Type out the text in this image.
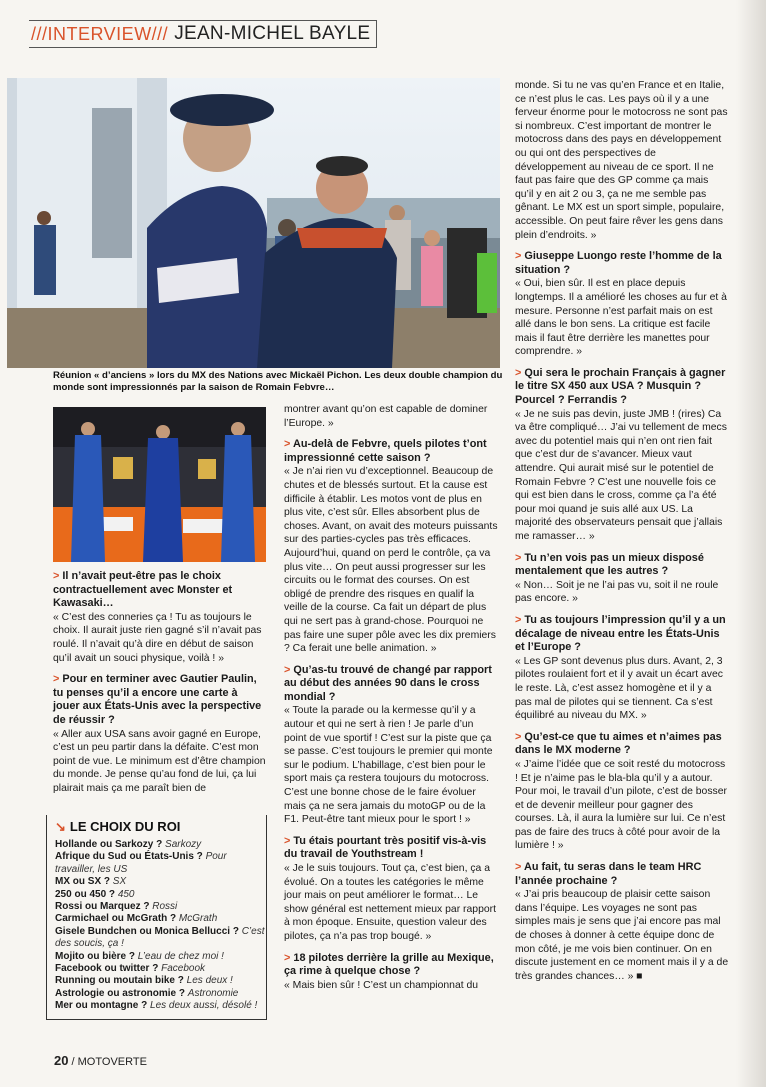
///INTERVIEW/// JEAN-MICHEL BAYLE
Réunion « d’anciens » lors du MX des Nations avec Mickaël Pichon. Les deux double champion du monde sont impressionnés par la saison de Romain Febvre…

> Il n’avait peut-être pas le choix contractuellement avec Monster et Kawasaki…

« C’est des conneries ça ! Tu as toujours le choix. Il aurait juste rien gagné s’il n’avait pas roulé. Il n’avait qu’à dire en début de saison qu’il avait un souci physique, voilà ! »

> Pour en terminer avec Gautier Paulin, tu penses qu’il a encore une carte à jouer aux États-Unis avec la perspective de réussir ?

« Aller aux USA sans avoir gagné en Europe, c’est un peu partir dans la défaite. C’est mon point de vue. Le minimum est d’être champion du monde. Je pense qu’au fond de lui, ça lui plairait mais ça me paraît bien de

↘ LE CHOIX DU ROI
Hollande ou Sarkozy ? Sarkozy
Afrique du Sud ou États-Unis ? Pour travailler, les US
MX ou SX ? SX
250 ou 450 ? 450
Rossi ou Marquez ? Rossi
Carmichael ou McGrath ? McGrath
Gisele Bundchen ou Monica Bellucci ? C’est des soucis, ça !
Mojito ou bière ? L’eau de chez moi !
Facebook ou twitter ? Facebook
Running ou moutain bike ? Les deux !
Astrologie ou astronomie ? Astronomie
Mer ou montagne ? Les deux aussi, désolé !

montrer avant qu’on est capable de dominer l’Europe. »

> Au-delà de Febvre, quels pilotes t’ont impressionné cette saison ?

« Je n’ai rien vu d’exceptionnel. Beaucoup de chutes et de blessés surtout. Et la cause est difficile à établir. Les motos vont de plus en plus vite, c’est sûr. Elles absorbent plus de choses. Avant, on avait des moteurs puissants sur des parties-cycles pas très efficaces. Aujourd’hui, quand on perd le contrôle, ça va plus vite… On peut aussi progresser sur les circuits ou le format des courses. On est obligé de prendre des risques en qualif la veille de la course. Ca fait un départ de plus qui ne sert pas à grand-chose. Pourquoi ne pas faire une super pôle avec les dix premiers ? Ca ferait une belle animation. »

> Qu’as-tu trouvé de changé par rapport au début des années 90 dans le cross mondial ?

« Toute la parade ou la kermesse qu’il y a autour et qui ne sert à rien ! Je parle d’un point de vue sportif ! C’est sur la piste que ça se passe. C’est toujours le premier qui monte sur le podium. L’habillage, c’est bien pour le sport mais ça restera toujours du motocross. C’est une bonne chose de le faire évoluer mais ça ne sera jamais du motoGP ou de la F1. Peut-être tant mieux pour le sport ! »

> Tu étais pourtant très positif vis-à-vis du travail de Youthstream !

« Je le suis toujours. Tout ça, c’est bien, ça a évolué. On a toutes les catégories le même jour mais on peut améliorer le format… Le show général est nettement mieux par rapport à mon époque. Ensuite, question valeur des pilotes, ça n’a pas trop bougé. »

> 18 pilotes derrière la grille au Mexique, ça rime à quelque chose ?

« Mais bien sûr ! C’est un championnat du

monde. Si tu ne vas qu’en France et en Italie, ce n’est plus le cas. Les pays où il y a une ferveur énorme pour le motocross ne sont pas si nombreux. C’est important de montrer le motocross dans des pays en développement ou qui ont des perspectives de développement au niveau de ce sport. Il ne faut pas faire que des GP comme ça mais qu’il y en ait 2 ou 3, ça ne me semble pas gênant. Le MX est un sport simple, populaire, accessible. On peut faire rêver les gens dans plein d’endroits. »

> Giuseppe Luongo reste l’homme de la situation ?

« Oui, bien sûr. Il est en place depuis longtemps. Il a amélioré les choses au fur et à mesure. Personne n’est parfait mais on est allé dans le bon sens. La critique est facile mais il faut être derrière les manettes pour comprendre. »

> Qui sera le prochain Français à gagner le titre SX 450 aux USA ? Musquin ? Pourcel ? Ferrandis ?

« Je ne suis pas devin, juste JMB ! (rires) Ca va être compliqué… J’ai vu tellement de mecs avec du potentiel mais qui n’en ont rien fait que c’est dur de s’avancer. Mieux vaut attendre. Qui aurait misé sur le potentiel de Romain Febvre ? C’est une nouvelle fois ce qui est bien dans le cross, comme ça l’a été pour moi quand je suis allé aux US. La majorité des observateurs pensait que j’allais me ramasser… »

> Tu n’en vois pas un mieux disposé mentalement que les autres ?

« Non… Soit je ne l’ai pas vu, soit il ne roule pas encore. »

> Tu as toujours l’impression qu’il y a un décalage de niveau entre les États-Unis et l’Europe ?

« Les GP sont devenus plus durs. Avant, 2, 3 pilotes roulaient fort et il y avait un écart avec le reste. Là, c’est assez homogène et il y a pas mal de pilotes qui se tiennent. Ca s’est équilibré au niveau du MX. »

> Qu’est-ce que tu aimes et n’aimes pas dans le MX moderne ?

« J’aime l’idée que ce soit resté du motocross ! Et je n’aime pas le bla-bla qu’il y a autour. Pour moi, le travail d’un pilote, c’est de bosser et de devenir meilleur pour gagner des courses. Là, il aura la lumière sur lui. Ce n’est pas de faire des trucs à côté pour avoir de la lumière ! »

> Au fait, tu seras dans le team HRC l’année prochaine ?

« J’ai pris beaucoup de plaisir cette saison dans l’équipe. Les voyages ne sont pas simples mais je sens que j’ai encore pas mal de choses à donner à cette équipe donc de mon côté, je me vois bien continuer. On en discute justement en ce moment mais il y a de très grandes chances… » ■

20 / MOTOVERTE
